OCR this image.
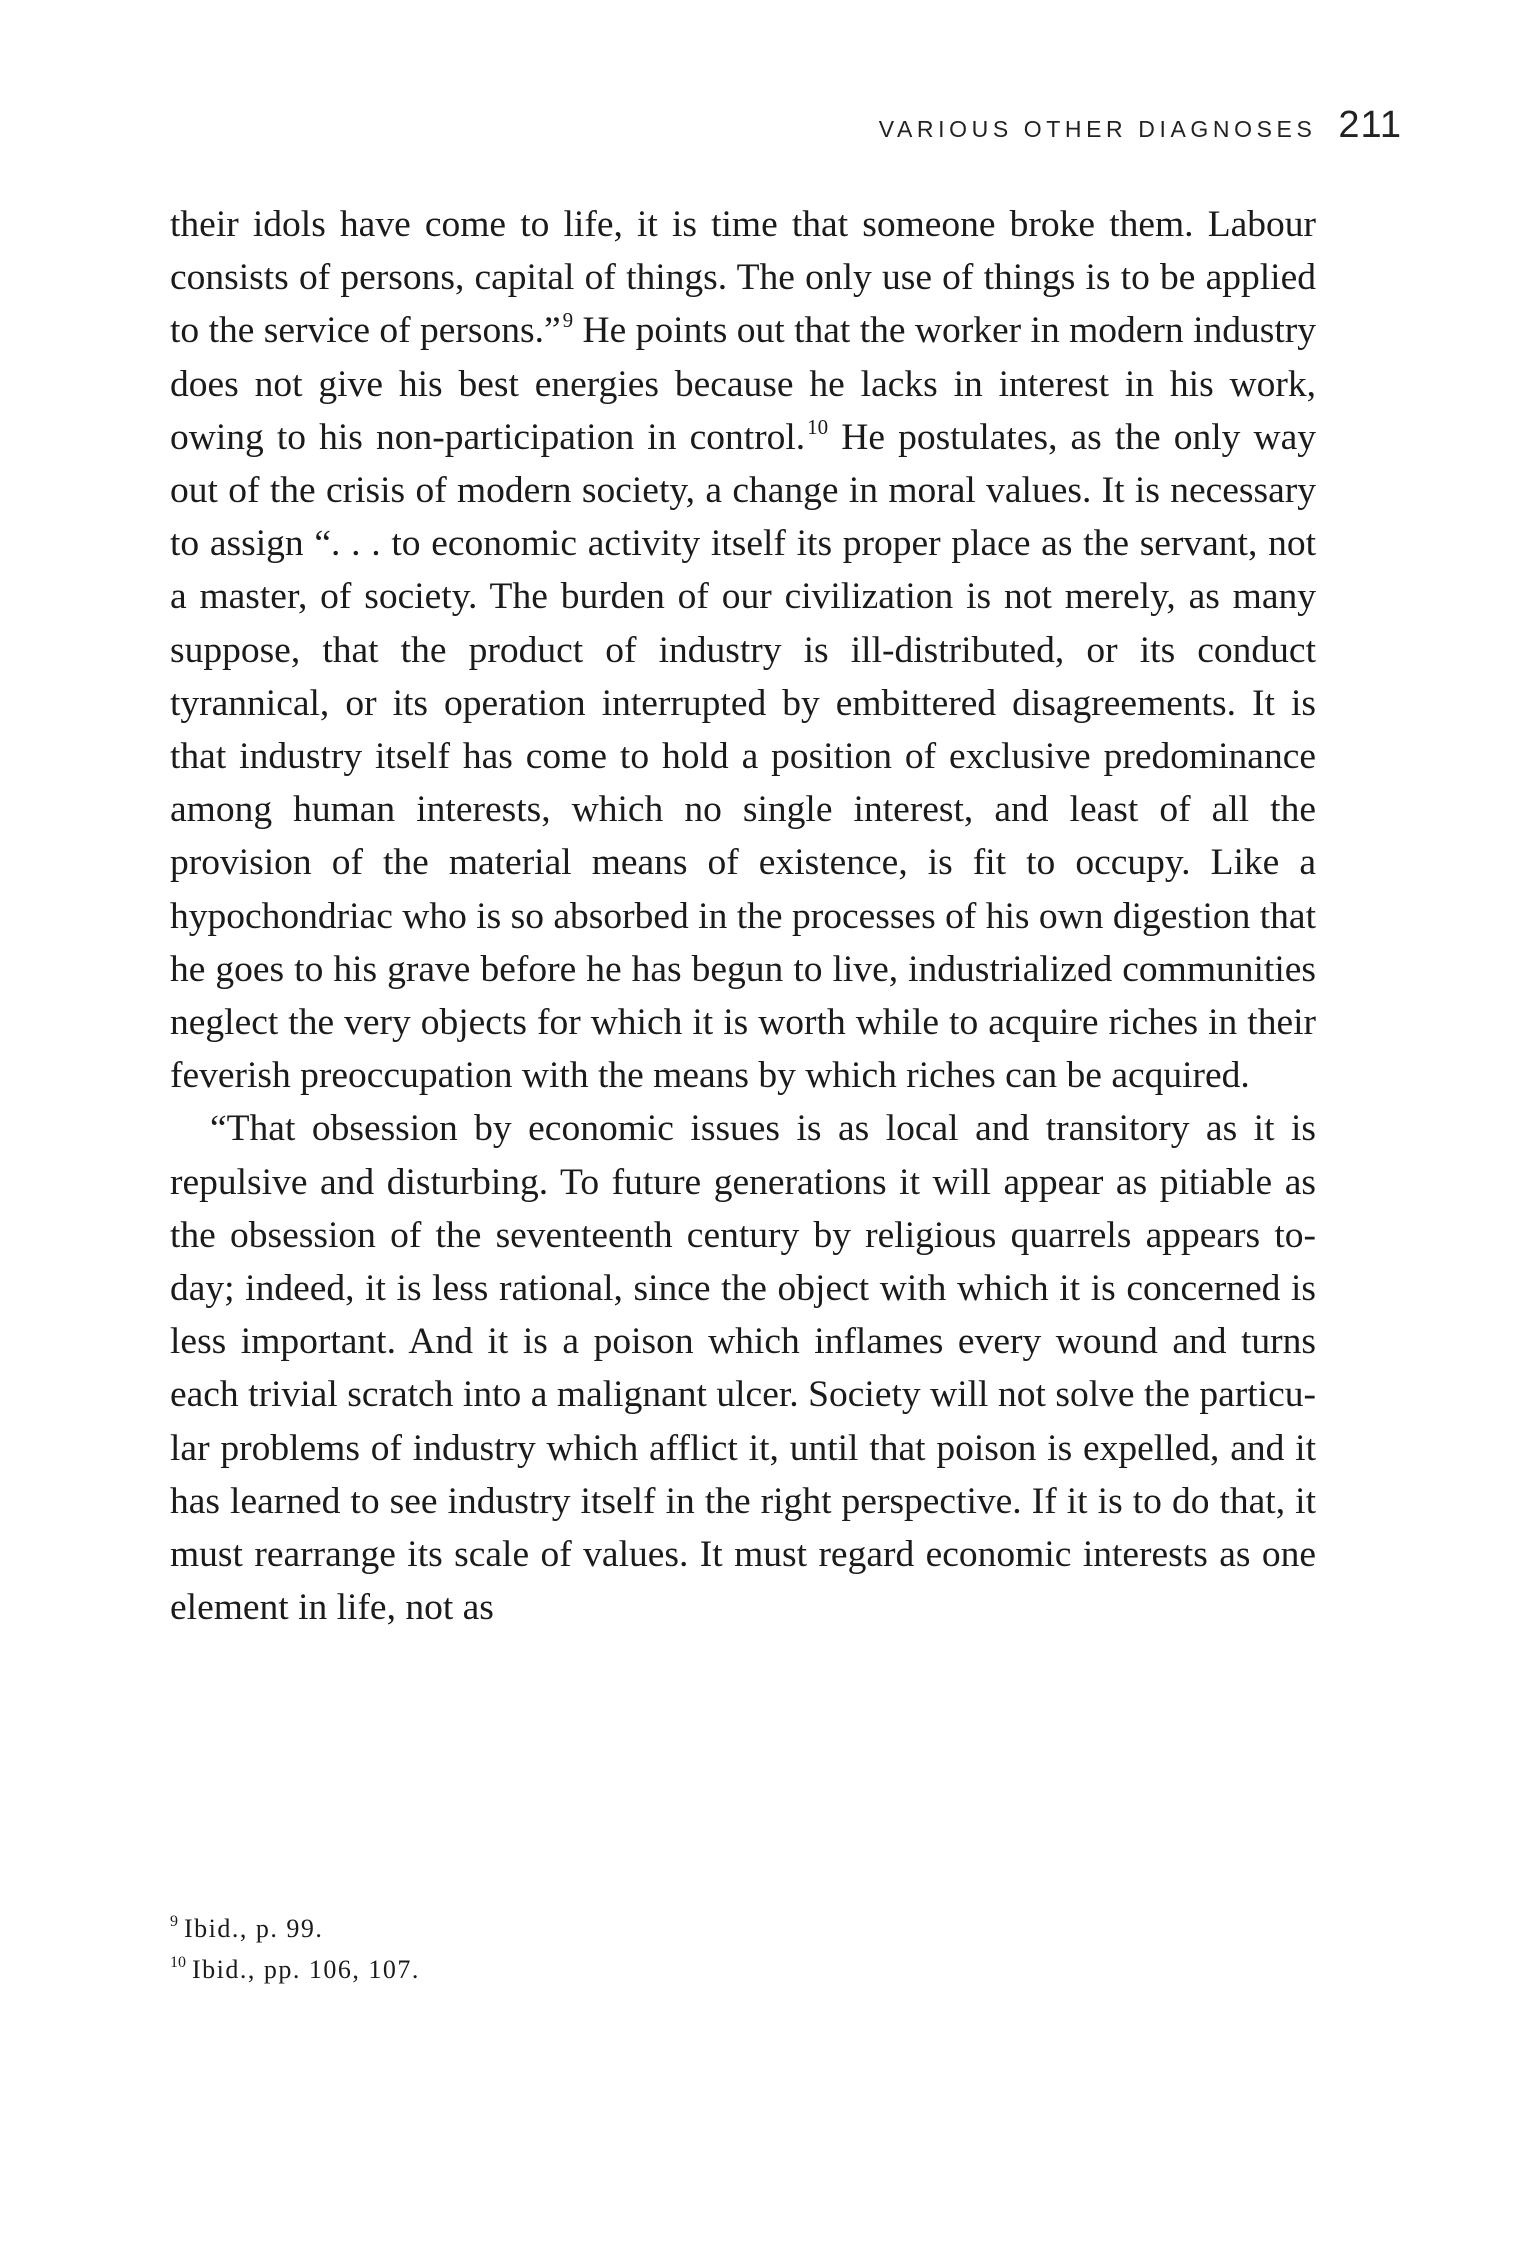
VARIOUS OTHER DIAGNOSES 211

their idols have come to life, it is time that someone broke them. Labour consists of persons, capital of things. The only use of things is to be applied to the service of persons.”$^9$ He points out that the worker in modern industry does not give his best energies because he lacks in interest in his work, owing to his non-participation in control.$^{10}$ He postulates, as the only way out of the crisis of modern society, a change in moral values. It is necessary to assign “. . . to economic activity itself its proper place as the servant, not a master, of society. The burden of our civilization is not merely, as many suppose, that the product of industry is ill-distributed, or its conduct tyrannical, or its operation interrupted by embittered disagreements. It is that industry itself has come to hold a position of exclusive predominance among human interests, which no single interest, and least of all the provision of the material means of existence, is fit to occupy. Like a hypochondriac who is so absorbed in the processes of his own digestion that he goes to his grave before he has begun to live, industrialized communities neglect the very objects for which it is worth while to acquire riches in their feverish preoccupation with the means by which riches can be acquired.

“That obsession by economic issues is as local and transitory as it is repulsive and disturbing. To future generations it will appear as pitiable as the obsession of the seventeenth century by religious quarrels appears to-day; indeed, it is less rational, since the object with which it is concerned is less important. And it is a poison which inflames every wound and turns each trivial scratch into a malignant ulcer. Society will not solve the particular problems of industry which afflict it, until that poison is expelled, and it has learned to see industry itself in the right perspective. If it is to do that, it must rearrange its scale of values. It must regard economic interests as one element in life, not as

$^9$ Ibid., p. 99.
$^{10}$ Ibid., pp. 106, 107.
